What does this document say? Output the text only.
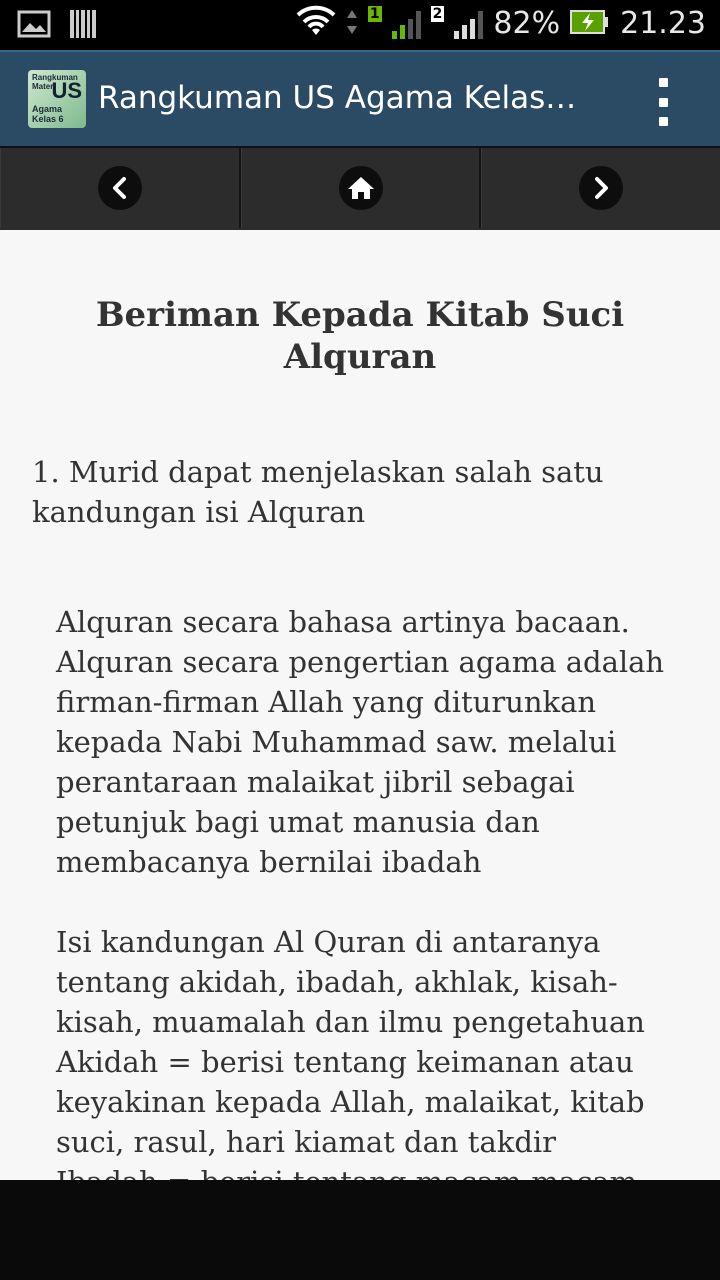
1	2 82% 21.23
Rangkuman Materi
US
Agama Kelas 6
Rangkuman US Agama Kelas…
Beriman Kepada Kitab Suci Alquran
1. Murid dapat menjelaskan salah satu kandungan isi Alquran
Alquran secara bahasa artinya bacaan.
Alquran secara pengertian agama adalah
firman-firman Allah yang diturunkan
kepada Nabi Muhammad saw. melalui
perantaraan malaikat jibril sebagai
petunjuk bagi umat manusia dan
membacanya bernilai ibadah
Isi kandungan Al Quran di antaranya
tentang akidah, ibadah, akhlak, kisah-
kisah, muamalah dan ilmu pengetahuan
Akidah = berisi tentang keimanan atau
keyakinan kepada Allah, malaikat, kitab
suci, rasul, hari kiamat dan takdir
